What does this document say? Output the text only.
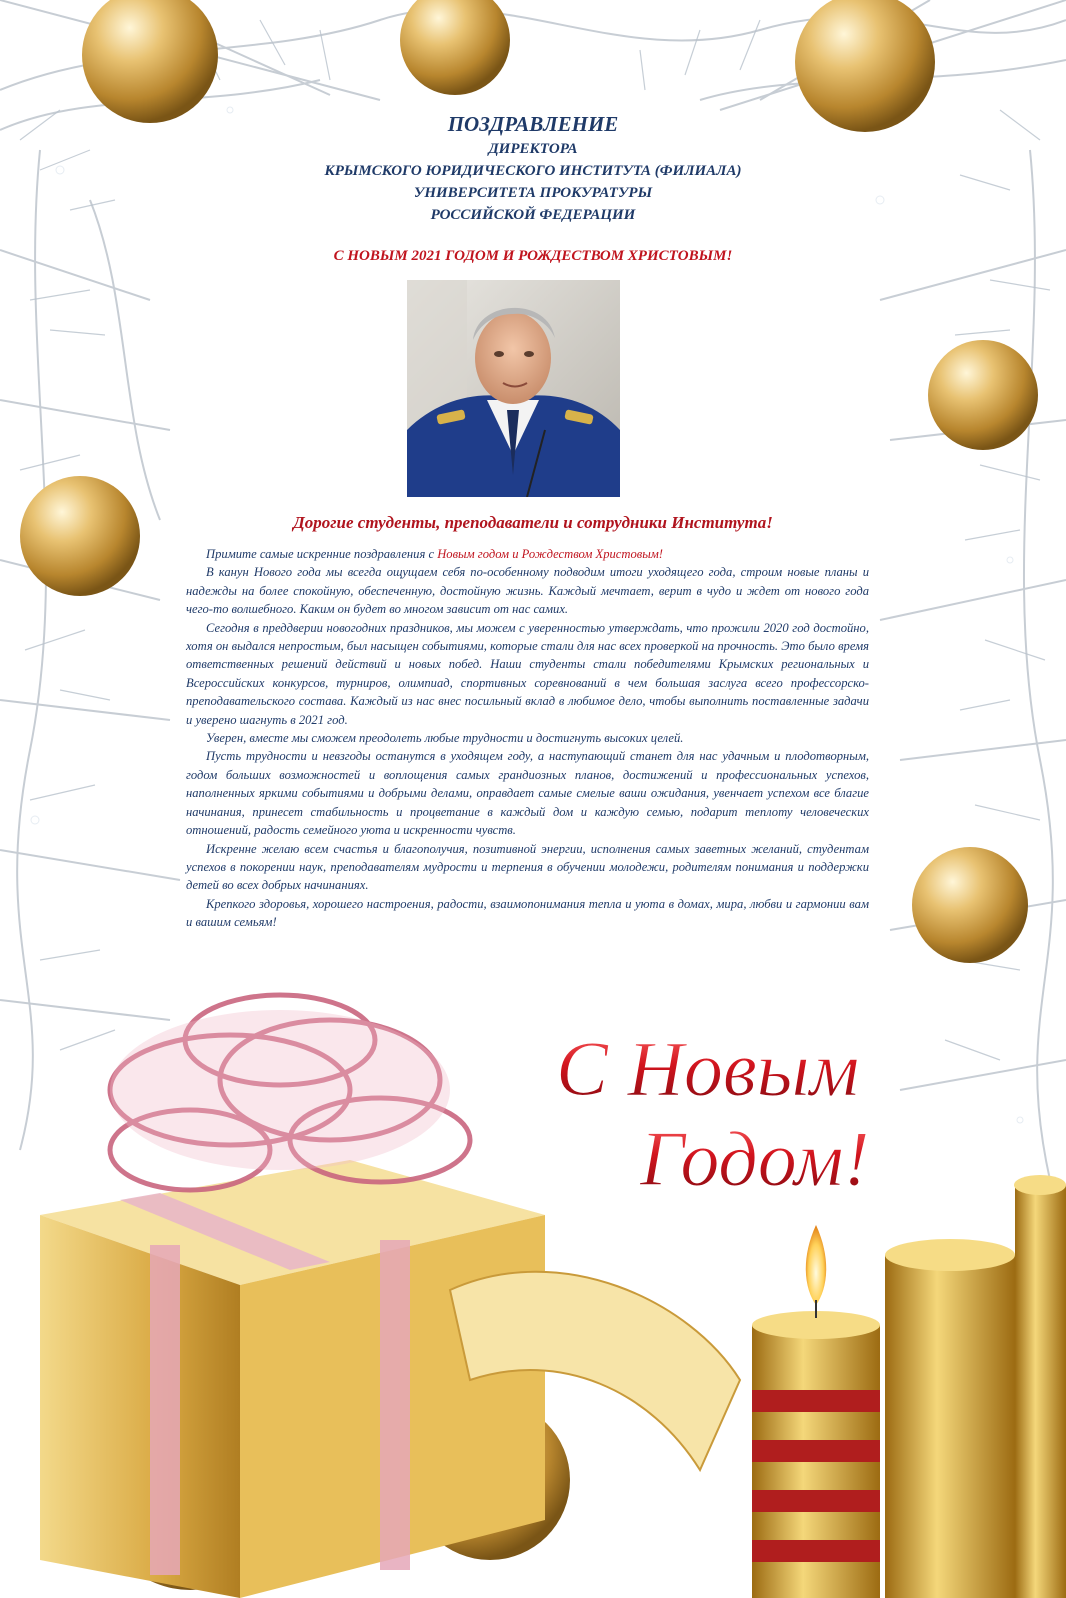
ПОЗДРАВЛЕНИЕ
ДИРЕКТОРА
КРЫМСКОГО ЮРИДИЧЕСКОГО ИНСТИТУТА (ФИЛИАЛА)
УНИВЕРСИТЕТА ПРОКУРАТУРЫ
РОССИЙСКОЙ ФЕДЕРАЦИИ
С НОВЫМ 2021 ГОДОМ И РОЖДЕСТВОМ ХРИСТОВЫМ!
Дорогие студенты, преподаватели и сотрудники Института!

Примите самые искренние поздравления с Новым годом и Рождеством Христовым!

В канун Нового года мы всегда ощущаем себя по-особенному подводим итоги уходящего года, строим новые планы и надежды на более спокойную, обеспеченную, достойную жизнь. Каждый мечтает, верит в чудо и ждет от нового года чего-то волшебного. Каким он будет во многом зависит от нас самих.

Сегодня в преддверии новогодних праздников, мы можем с уверенностью утверждать, что прожили 2020 год достойно, хотя он выдался непростым, был насыщен событиями, которые стали для нас всех проверкой на прочность. Это было время ответственных решений действий и новых побед. Наши студенты стали победителями Крымских региональных и Всероссийских конкурсов, турниров, олимпиад, спортивных соревнований в чем большая заслуга всего профессорско-преподавательского состава. Каждый из нас внес посильный вклад в любимое дело, чтобы выполнить поставленные задачи и уверено шагнуть в 2021 год.

Уверен, вместе мы сможем преодолеть любые трудности и достигнуть высоких целей.

Пусть трудности и невзгоды останутся в уходящем году, а наступающий станет для нас удачным и плодотворным, годом больших возможностей и воплощения самых грандиозных планов, достижений и профессиональных успехов, наполненных яркими событиями и добрыми делами, оправдает самые смелые ваши ожидания, увенчает успехом все благие начинания, принесет стабильность и процветание в каждый дом и каждую семью, подарит теплоту человеческих отношений, радость семейного уюта и искренности чувств.

Искренне желаю всем счастья и благополучия, позитивной энергии, исполнения самых заветных желаний, студентам успехов в покорении наук, преподавателям мудрости и терпения в обучении молодежи, родителям понимания и поддержки детей во всех добрых начинаниях.

Крепкого здоровья, хорошего настроения, радости, взаимопонимания тепла и уюта в домах, мира, любви и гармонии вам и вашим семьям!

С Новым
Годом!
